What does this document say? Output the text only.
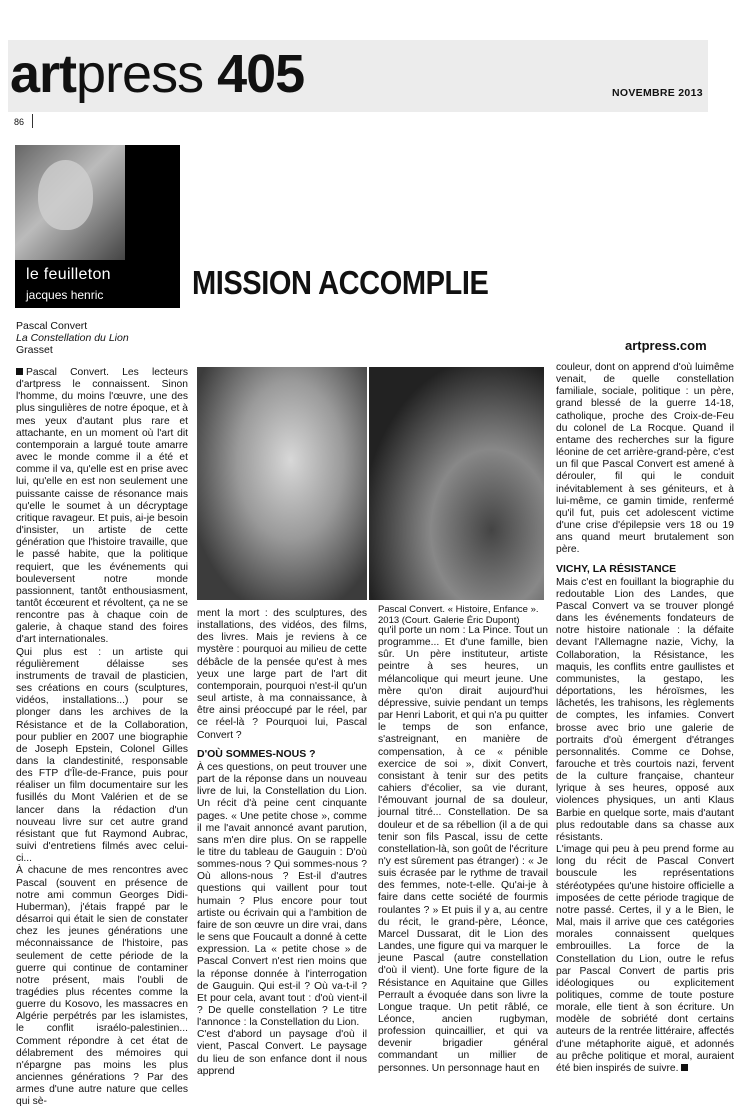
artpress 405	NOVEMBRE 2013
86
le feuilleton
jacques henric	MISSION ACCOMPLIE
Pascal Convert
La Constellation du Lion
Grasset	artpress.com
Pascal Convert. « Histoire, Enfance ».
2013 (Court. Galerie Éric Dupont)

Pascal Convert. Les lecteurs d'artpress le connaissent. Sinon l'homme, du moins l'œuvre, une des plus singulières de notre époque, et à mes yeux d'autant plus rare et attachante, en un moment où l'art dit contemporain a largué toute amarre avec le monde comme il a été et comme il va, qu'elle est en prise avec lui, qu'elle en est non seulement une puissante caisse de résonance mais qu'elle le soumet à un décryptage critique ravageur. Et puis, ai-je besoin d'insister, un artiste de cette génération que l'histoire travaille, que le passé habite, que la politique requiert, que les événements qui bouleversent notre monde passionnent, tantôt enthousiasment, tantôt écœurent et révoltent, ça ne se rencontre pas à chaque coin de galerie, à chaque stand des foires d'art internationales.

Qui plus est : un artiste qui régulièrement délaisse ses instruments de travail de plasticien, ses créations en cours (sculptures, vidéos, installations...) pour se plonger dans les archives de la Résistance et de la Collaboration, pour publier en 2007 une biographie de Joseph Epstein, Colonel Gilles dans la clandestinité, responsable des FTP d'Île-de-France, puis pour réaliser un film documentaire sur les fusillés du Mont Valérien et de se lancer dans la rédaction d'un nouveau livre sur cet autre grand résistant que fut Raymond Aubrac, suivi d'entretiens filmés avec celui-ci...

À chacune de mes rencontres avec Pascal (souvent en présence de notre ami commun Georges Didi-Huberman), j'étais frappé par le désarroi qui était le sien de constater chez les jeunes générations une méconnaissance de l'histoire, pas seulement de cette période de la guerre qui continue de contaminer notre présent, mais l'oubli de tragédies plus récentes comme la guerre du Kosovo, les massacres en Algérie perpétrés par les islamistes, le conflit israélo-palestinien... Comment répondre à cet état de délabrement des mémoires qui n'épargne pas moins les plus anciennes générations ? Par des armes d'une autre nature que celles qui sè-

ment la mort : des sculptures, des installations, des vidéos, des films, des livres. Mais je reviens à ce mystère : pourquoi au milieu de cette débâcle de la pensée qu'est à mes yeux une large part de l'art dit contemporain, pourquoi n'est-il qu'un seul artiste, à ma connaissance, à être ainsi préoccupé par le réel, par ce réel-là ? Pourquoi lui, Pascal Convert ?

D'OÙ SOMMES-NOUS ?

À ces questions, on peut trouver une part de la réponse dans un nouveau livre de lui, la Constellation du Lion. Un récit d'à peine cent cinquante pages. « Une petite chose », comme il me l'avait annoncé avant parution, sans m'en dire plus. On se rappelle le titre du tableau de Gauguin : D'où sommes-nous ? Qui sommes-nous ? Où allons-nous ? Est-il d'autres questions qui vaillent pour tout humain ? Plus encore pour tout artiste ou écrivain qui a l'ambition de faire de son œuvre un dire vrai, dans le sens que Foucault a donné à cette expression. La « petite chose » de Pascal Convert n'est rien moins que la réponse donnée à l'interrogation de Gauguin. Qui est-il ? Où va-t-il ? Et pour cela, avant tout : d'où vient-il ? De quelle constellation ? Le titre l'annonce : la Constellation du Lion.

C'est d'abord un paysage d'où il vient, Pascal Convert. Le paysage du lieu de son enfance dont il nous apprend

qu'il porte un nom : La Pince. Tout un programme... Et d'une famille, bien sûr. Un père instituteur, artiste peintre à ses heures, un mélancolique qui meurt jeune. Une mère qu'on dirait aujourd'hui dépressive, suivie pendant un temps par Henri Laborit, et qui n'a pu quitter le temps de son enfance, s'astreignant, en manière de compensation, à ce « pénible exercice de soi », dixit Convert, consistant à tenir sur des petits cahiers d'écolier, sa vie durant, l'émouvant journal de sa douleur, journal titré... Constellation. De sa douleur et de sa rébellion (il a de qui tenir son fils Pascal, issu de cette constellation-là, son goût de l'écriture n'y est sûrement pas étranger) : « Je suis écrasée par le rythme de travail des femmes, note-t-elle. Qu'ai-je à faire dans cette société de fourmis roulantes ? » Et puis il y a, au centre du récit, le grand-père, Léonce, Marcel Dussarat, dit le Lion des Landes, une figure qui va marquer le jeune Pascal (autre constellation d'où il vient). Une forte figure de la Résistance en Aquitaine que Gilles Perrault a évoquée dans son livre la Longue traque. Un petit râblé, ce Léonce, ancien rugbyman, profession quincaillier, et qui va devenir brigadier général commandant un millier de personnes. Un personnage haut en

couleur, dont on apprend d'où luimême venait, de quelle constellation familiale, sociale, politique : un père, grand blessé de la guerre 14-18, catholique, proche des Croix-de-Feu du colonel de La Rocque. Quand il entame des recherches sur la figure léonine de cet arrière-grand-père, c'est un fil que Pascal Convert est amené à dérouler, fil qui le conduit inévitablement à ses géniteurs, et à lui-même, ce gamin timide, renfermé qu'il fut, puis cet adolescent victime d'une crise d'épilepsie vers 18 ou 19 ans quand meurt brutalement son père.

VICHY, LA RÉSISTANCE

Mais c'est en fouillant la biographie du redoutable Lion des Landes, que Pascal Convert va se trouver plongé dans les événements fondateurs de notre histoire nationale : la défaite devant l'Allemagne nazie, Vichy, la Collaboration, la Résistance, les maquis, les conflits entre gaullistes et communistes, la gestapo, les déportations, les héroïsmes, les lâchetés, les trahisons, les règlements de comptes, les infamies. Convert brosse avec brio une galerie de portraits d'où émergent d'étranges personnalités. Comme ce Dohse, farouche et très courtois nazi, fervent de la culture française, chanteur lyrique à ses heures, opposé aux violences physiques, un anti Klaus Barbie en quelque sorte, mais d'autant plus redoutable dans sa chasse aux résistants.

L'image qui peu à peu prend forme au long du récit de Pascal Convert bouscule les représentations stéréotypées qu'une histoire officielle a imposées de cette période tragique de notre passé. Certes, il y a le Bien, le Mal, mais il arrive que ces catégories morales connaissent quelques embrouilles. La force de la Constellation du Lion, outre le refus par Pascal Convert de partis pris idéologiques ou explicitement politiques, comme de toute posture morale, elle tient à son écriture. Un modèle de sobriété dont certains auteurs de la rentrée littéraire, affectés d'une métaphorite aiguë, et adonnés au prêche politique et moral, auraient été bien inspirés de suivre.
